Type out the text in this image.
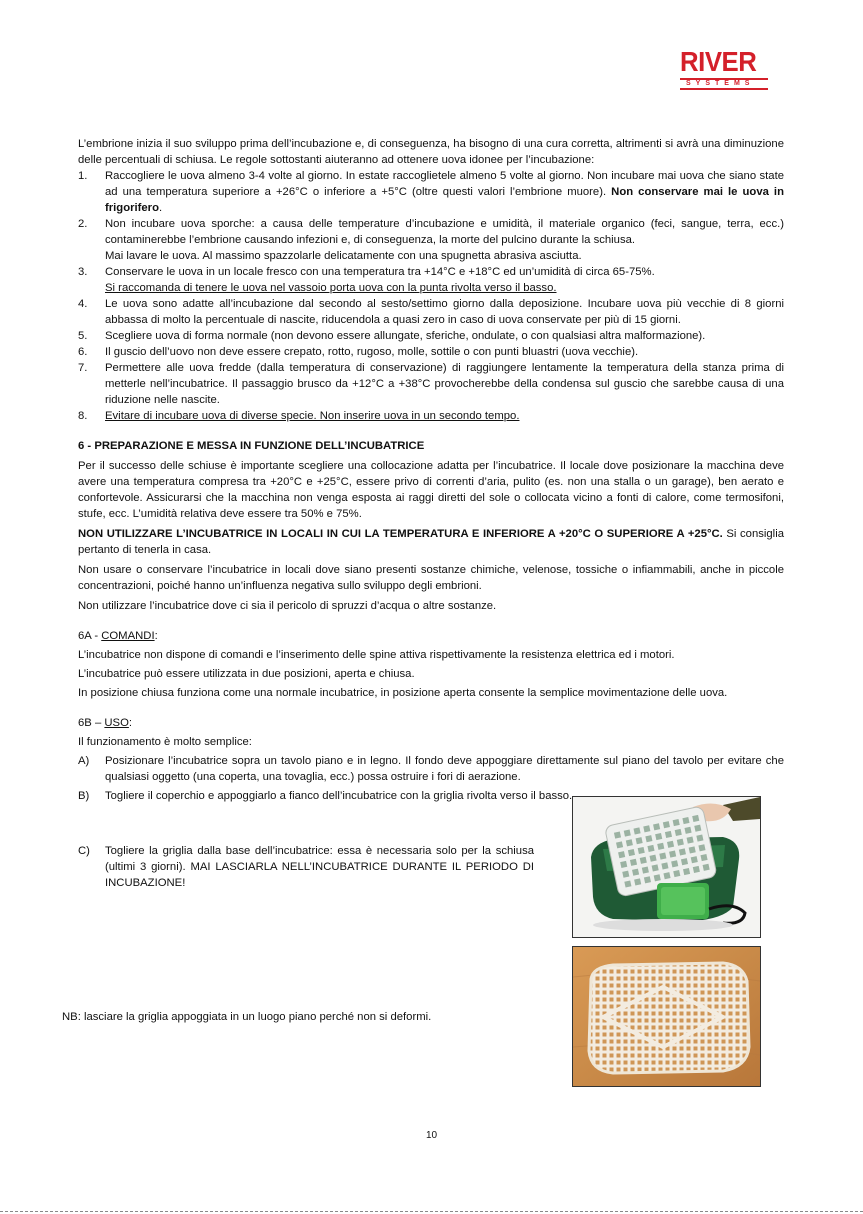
RIVER
SYSTEMS

L’embrione inizia il suo sviluppo prima dell’incubazione e, di conseguenza, ha bisogno di una cura corretta, altrimenti si avrà una diminuzione delle percentuali di schiusa. Le regole sottostanti aiuteranno ad ottenere uova idonee per l’incubazione:

1.	Raccogliere le uova almeno 3-4 volte al giorno. In estate raccoglietele almeno 5 volte al giorno. Non incubare mai uova che siano state ad una temperatura superiore a +26°C o inferiore a +5°C (oltre questi valori l’embrione muore). Non conservare mai le uova in frigorifero.
2.	Non incubare uova sporche: a causa delle temperature d’incubazione e umidità, il materiale organico (feci, sangue, terra, ecc.) contaminerebbe l’embrione causando infezioni e, di conseguenza, la morte del pulcino durante la schiusa.
Mai lavare le uova. Al massimo spazzolarle delicatamente con una spugnetta abrasiva asciutta.
3.	Conservare le uova in un locale fresco con una temperatura tra +14°C e +18°C ed un’umidità di circa 65-75%.
Si raccomanda di tenere le uova nel vassoio porta uova con la punta rivolta verso il basso.
4.	Le uova sono adatte all’incubazione dal secondo al sesto/settimo giorno dalla deposizione. Incubare uova più vecchie di 8 giorni abbassa di molto la percentuale di nascite, riducendola a quasi zero in caso di uova conservate per più di 15 giorni.
5.	Scegliere uova di forma normale (non devono essere allungate, sferiche, ondulate, o con qualsiasi altra malformazione).
6.	Il guscio dell’uovo non deve essere crepato, rotto, rugoso, molle, sottile o con punti bluastri (uova vecchie).
7.	Permettere alle uova fredde (dalla temperatura di conservazione) di raggiungere lentamente la temperatura della stanza prima di metterle nell’incubatrice. Il passaggio brusco da +12°C a +38°C provocherebbe della condensa sul guscio che sarebbe causa di una riduzione nelle nascite.
8.	Evitare di incubare uova di diverse specie. Non inserire uova in un secondo tempo.
6 - PREPARAZIONE E MESSA IN FUNZIONE DELL’INCUBATRICE

Per il successo delle schiuse è importante scegliere una collocazione adatta per l’incubatrice. Il locale dove posizionare la macchina deve avere una temperatura compresa tra +20°C e +25°C, essere privo di correnti d’aria, pulito (es. non una stalla o un garage), ben aerato e confortevole. Assicurarsi che la macchina non venga esposta ai raggi diretti del sole o collocata vicino a fonti di calore, come termosifoni, stufe, ecc. L’umidità relativa deve essere tra 50% e 75%.

NON UTILIZZARE L’INCUBATRICE IN LOCALI IN CUI LA TEMPERATURA E INFERIORE A +20°C O SUPERIORE A +25°C. Si consiglia pertanto di tenerla in casa.

Non usare o conservare l’incubatrice in locali dove siano presenti sostanze chimiche, velenose, tossiche o infiammabili, anche in piccole concentrazioni, poiché hanno un’influenza negativa sullo sviluppo degli embrioni.

Non utilizzare l’incubatrice dove ci sia il pericolo di spruzzi d’acqua o altre sostanze.

6A - COMANDI:

L’incubatrice non dispone di comandi e l’inserimento delle spine attiva rispettivamente la resistenza elettrica ed i motori.

L’incubatrice può essere utilizzata in due posizioni, aperta e chiusa.

In posizione chiusa funziona come una normale incubatrice, in posizione aperta consente la semplice movimentazione delle uova.

6B – USO:

Il funzionamento è molto semplice:

A)	Posizionare l’incubatrice sopra un tavolo piano e in legno. Il fondo deve appoggiare direttamente sul piano del tavolo per evitare che qualsiasi oggetto (una coperta, una tovaglia, ecc.) possa ostruire i fori di aerazione.
B)	Togliere il coperchio e appoggiarlo a fianco dell’incubatrice con la griglia rivolta verso il basso.
C)	Togliere la griglia dalla base dell’incubatrice: essa è necessaria solo per la schiusa (ultimi 3 giorni). MAI LASCIARLA NELL’INCUBATRICE DURANTE IL PERIODO DI INCUBAZIONE!
NB: lasciare la griglia appoggiata in un luogo piano perché non si deformi.
10
